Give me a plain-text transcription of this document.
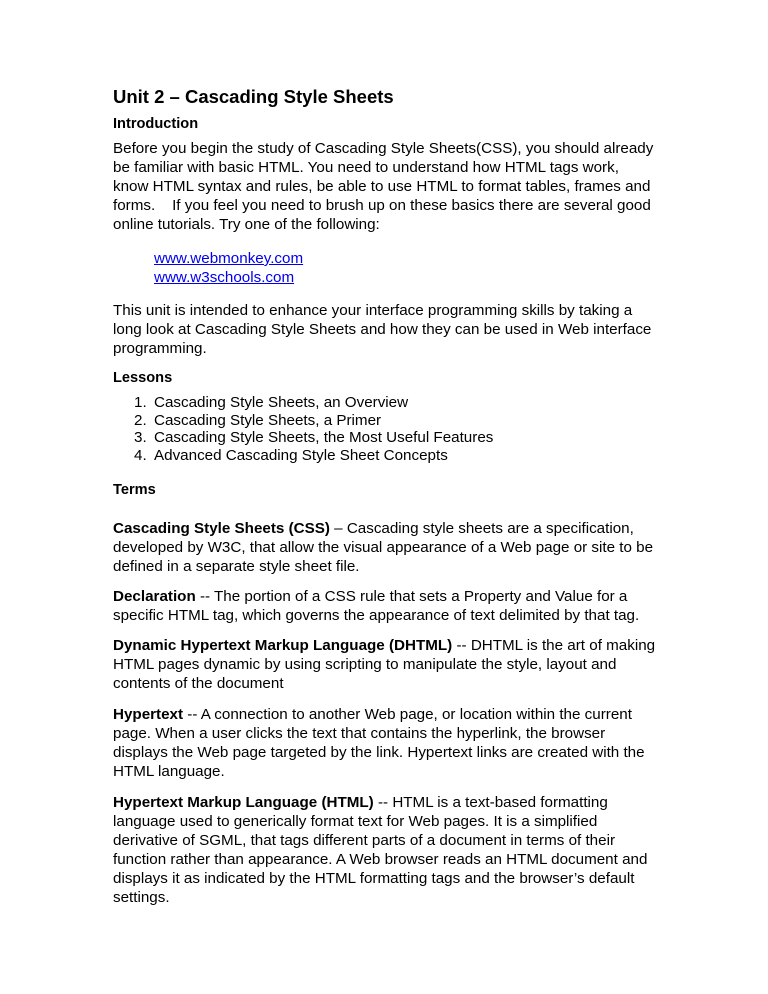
Unit 2 – Cascading Style Sheets
Introduction

Before you begin the study of Cascading Style Sheets(CSS), you should already

be familiar with basic HTML. You need to understand how HTML tags work,

know HTML syntax and rules, be able to use HTML to format tables, frames and

forms.    If you feel you need to brush up on these basics there are several good

online tutorials. Try one of the following:

www.webmonkey.com
www.w3schools.com

This unit is intended to enhance your interface programming skills by taking a

long look at Cascading Style Sheets and how they can be used in Web interface

programming.

Lessons
1. Cascading Style Sheets, an Overview
2. Cascading Style Sheets, a Primer
3. Cascading Style Sheets, the Most Useful Features
4. Advanced Cascading Style Sheet Concepts
Terms

Cascading Style Sheets (CSS) – Cascading style sheets are a specification,

developed by W3C, that allow the visual appearance of a Web page or site to be

defined in a separate style sheet file.

Declaration -- The portion of a CSS rule that sets a Property and Value for a

specific HTML tag, which governs the appearance of text delimited by that tag.

Dynamic Hypertext Markup Language (DHTML) -- DHTML is the art of making

HTML pages dynamic by using scripting to manipulate the style, layout and

contents of the document

Hypertext -- A connection to another Web page, or location within the current

page. When a user clicks the text that contains the hyperlink, the browser

displays the Web page targeted by the link. Hypertext links are created with the

HTML language.

Hypertext Markup Language (HTML) -- HTML is a text-based formatting

language used to generically format text for Web pages. It is a simplified

derivative of SGML, that tags different parts of a document in terms of their

function rather than appearance. A Web browser reads an HTML document and

displays it as indicated by the HTML formatting tags and the browser’s default

settings.
